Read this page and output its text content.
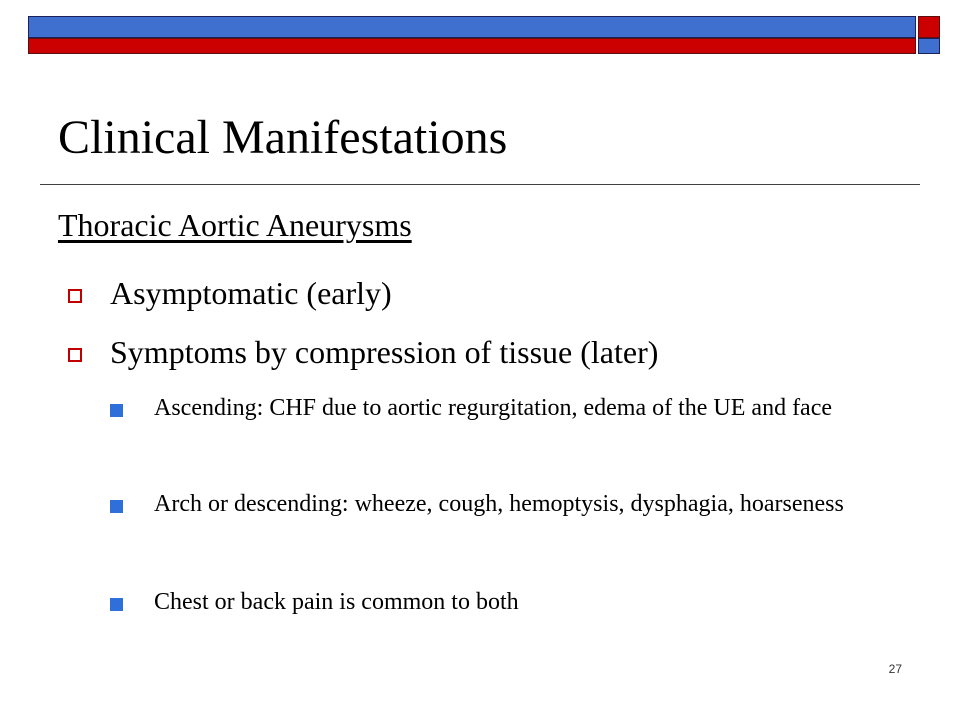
Clinical Manifestations
Thoracic Aortic Aneurysms
Asymptomatic (early)
Symptoms by compression of tissue (later)
Ascending: CHF due to aortic regurgitation, edema of the UE and face
Arch or descending: wheeze, cough, hemoptysis, dysphagia, hoarseness
Chest or back pain is common to both
27
